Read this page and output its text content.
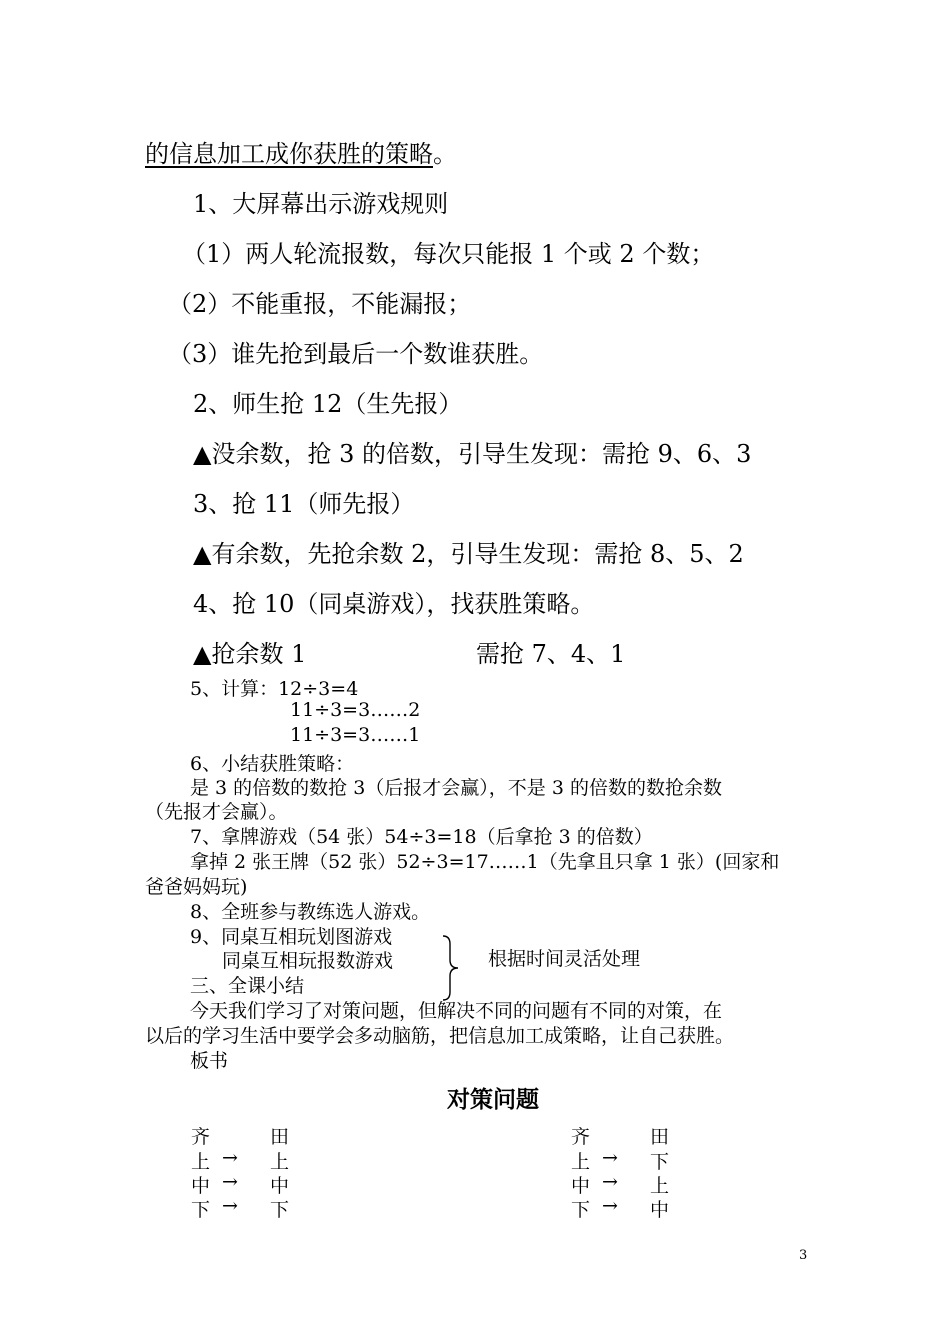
的信息加工成你获胜的策略。
1、大屏幕出示游戏规则
（1）两人轮流报数，每次只能报 1 个或 2 个数；
（2）不能重报，不能漏报；
（3）谁先抢到最后一个数谁获胜。
2、师生抢 12（生先报）
▲没余数，抢 3 的倍数，引导生发现：需抢 9、6、3
3、抢 11（师先报）
▲有余数，先抢余数 2，引导生发现：需抢 8、5、2
4、抢 10（同桌游戏），找获胜策略。
▲抢余数 1	需抢 7、4、1
5、计算：12÷3=4
11÷3=3……2
11÷3=3……1
6、小结获胜策略：
是 3 的倍数的数抢 3（后报才会赢），不是 3 的倍数的数抢余数
（先报才会赢）。
7、拿牌游戏（54 张）54÷3=18（后拿抢 3 的倍数）
拿掉 2 张王牌（52 张）52÷3=17……1（先拿且只拿 1 张）(回家和
爸爸妈妈玩)
8、全班参与教练选人游戏。
9、同桌互相玩划图游戏
同桌互相玩报数游戏	根据时间灵活处理
三、全课小结
今天我们学习了对策问题，但解决不同的问题有不同的对策，在
以后的学习生活中要学会多动脑筋，把信息加工成策略，让自己获胜。
板书
对策问题
齐	田
上 → 上
中 → 中
下 → 下
齐	田
上 → 下
中 → 上
下 → 中
3
